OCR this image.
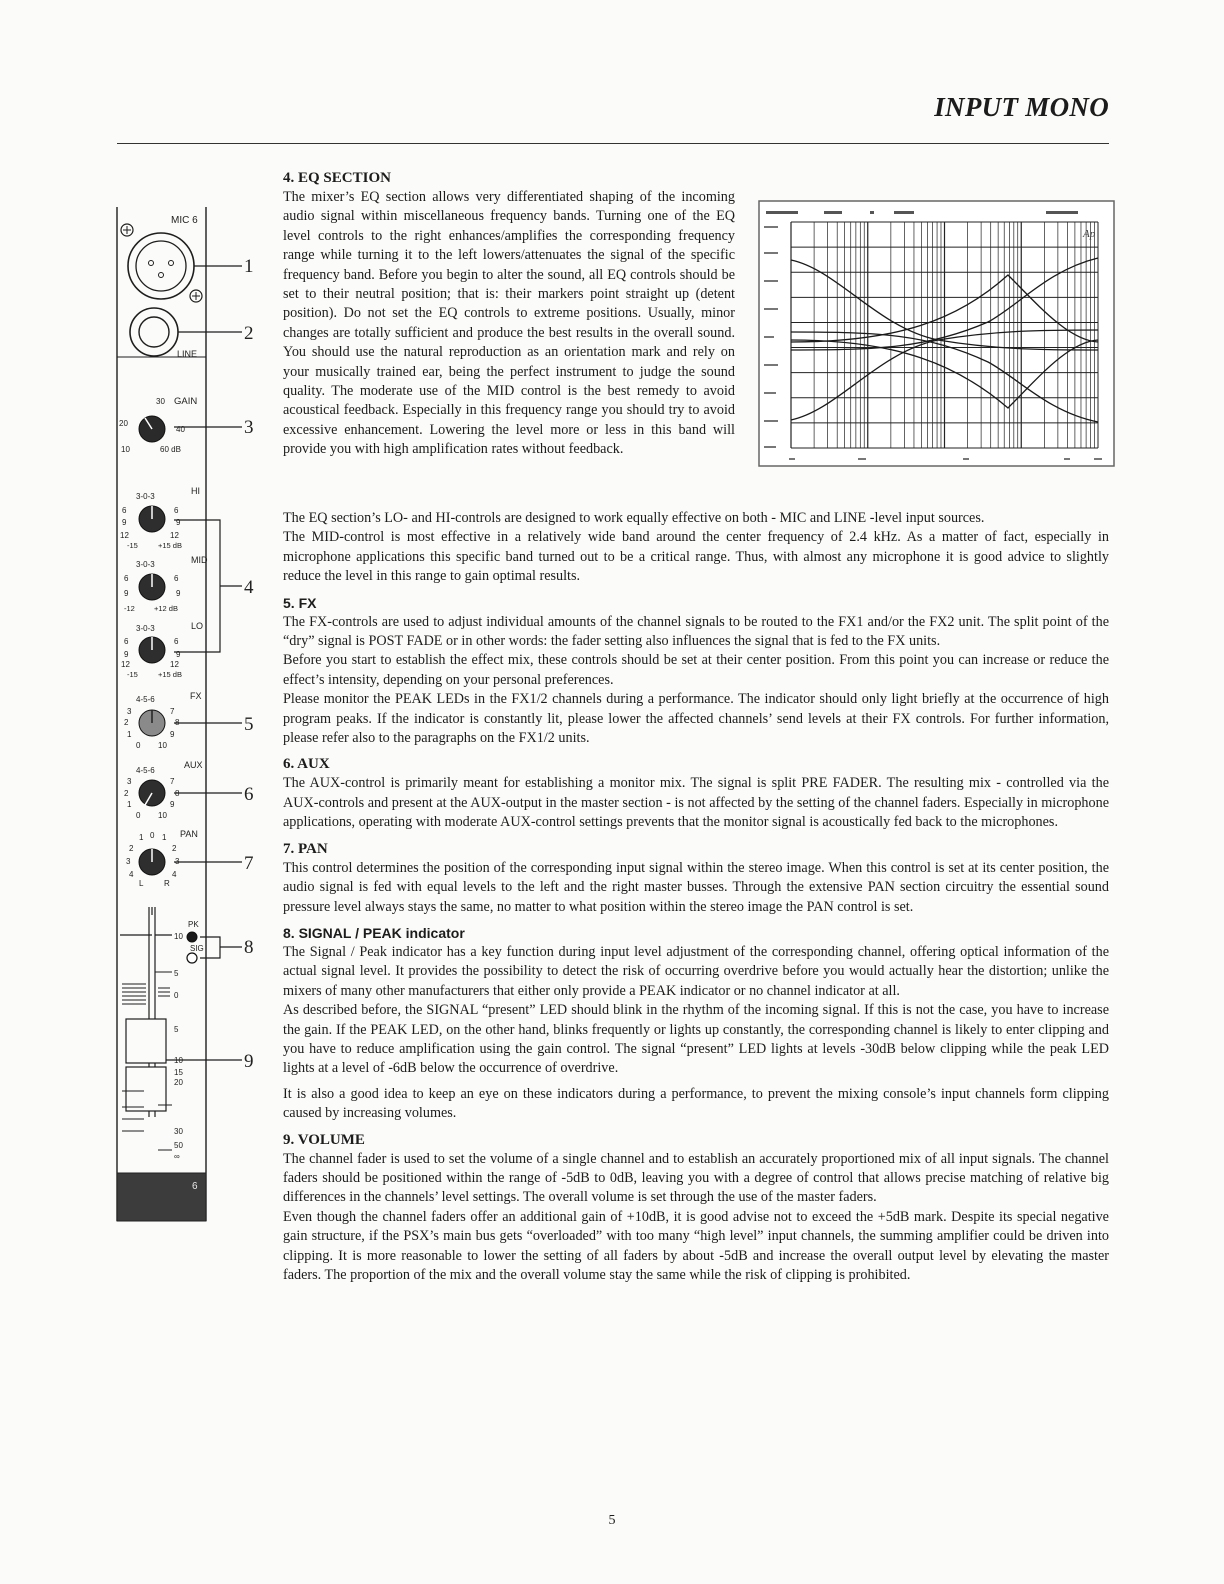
INPUT MONO
4. EQ SECTION

The mixer’s EQ section allows very differentiated shaping of the incoming audio signal within miscellaneous frequency bands. Turning one of the EQ level controls to the right enhances/amplifies the corresponding frequency range while turning it to the left lowers/attenuates the signal of the specific frequency band. Before you begin to alter the sound, all EQ controls should be set to their neutral position; that is: their markers point straight up (detent position). Do not set the EQ controls to extreme positions. Usually, minor changes are totally sufficient and produce the best results in the overall sound. You should use the natural reproduction as an orientation mark and rely on your musically trained ear, being the perfect instrument to judge the sound quality. The moderate use of the MID control is the best remedy to avoid acoustical feedback. Especially in this frequency range you should try to avoid excessive enhancement. Lowering the level more or less in this band will provide you with high amplification rates without feedback.

Ap

The EQ section’s LO- and HI-controls are designed to work equally effective on both - MIC and LINE -level input sources.

The MID-control is most effective in a relatively wide band around the center frequency of 2.4 kHz. As a matter of fact, especially in microphone applications this specific band turned out to be a critical range. Thus, with almost any microphone it is good advice to slightly reduce the level in this range to gain optimal results.

5. FX

The FX-controls are used to adjust individual amounts of the channel signals to be routed to the FX1 and/or the FX2 unit. The split point of the “dry” signal is POST FADE or in other words: the fader setting also influences the signal that is fed to the FX units.

Before you start to establish the effect mix, these controls should be set at their center position. From this point you can increase or reduce the effect’s intensity, depending on your personal preferences.

Please monitor the PEAK LEDs in the FX1/2 channels during a performance. The indicator should only light briefly at the occurrence of high program peaks. If the indicator is constantly lit, please lower the affected channels’ send levels at their FX controls. For further information, please refer also to the paragraphs on the FX1/2 units.

6. AUX

The AUX-control is primarily meant for establishing a monitor mix. The signal is split PRE FADER. The resulting mix - controlled via the AUX-controls and present at the AUX-output in the master section - is not affected by the setting of the channel faders. Especially in microphone applications, operating with moderate AUX-control settings prevents that the monitor signal is acoustically fed back to the microphones.

7. PAN

This control determines the position of the corresponding input signal within the stereo image. When this control is set at its center position, the audio signal is fed with equal levels to the left and the right master busses. Through the extensive PAN section circuitry the essential sound pressure level always stays the same, no matter to what position within the stereo image the PAN control is set.

8. SIGNAL / PEAK indicator

The Signal / Peak indicator has a key function during input level adjustment of the corresponding channel, offering optical information of the actual signal level. It provides the possibility to detect the risk of occurring overdrive before you would actually hear the distortion; unlike the mixers of many other manufacturers that either only provide a PEAK indicator or no channel indicator at all.

As described before, the SIGNAL “present” LED should blink in the rhythm of the incoming signal. If this is not the case, you have to increase the gain. If the PEAK LED, on the other hand, blinks frequently or lights up constantly, the corresponding channel is likely to enter clipping and you have to reduce amplification using the gain control. The signal “present” LED lights at levels -30dB below clipping while the peak LED lights at a level of -6dB below the occurrence of overdrive.

It is also a good idea to keep an eye on these indicators during a performance, to prevent the mixing console’s input channels form clipping caused by increasing volumes.

9. VOLUME

The channel fader is used to set the volume of a single channel and to establish an accurately proportioned mix of all input signals. The channel faders should be positioned within the range of -5dB to 0dB, leaving you with a degree of control that allows precise matching of relative big differences in the channels’ level settings. The overall volume is set through the use of the master faders.

Even though the channel faders offer an additional gain of +10dB, it is good advise not to exceed the +5dB mark. Despite its special negative gain structure, if the PSX’s main bus gets “overloaded” with too many “high level” input channels, the summing amplifier could be driven into clipping. It is more reasonable to lower the setting of all faders by about -5dB and increase the overall output level by elevating the master faders. The proportion of the mix and the overall volume stay the same while the risk of clipping is prohibited.

MIC 6
LINE
GAIN
30
20
40
10	60 dB
HI
3-0-3
6
9
12
6
9
12
-15	+15 dB
MID
3-0-3
6	6
9	9
-12	+12 dB
LO
3-0-3
6	6
9	9
12	12
-15	+15 dB
FX
4-5-6
3	7
2	8
1	9
0 10
AUX
4-5-6
3	7
2	8
1	9
0 10
PAN
1 0 1
2	2
3	3
4	4
L	R
PK
SIG
10
5
0
5
10
15
20
30
50
∞
6
1
2
3
4
5
6
7
8
9
5
